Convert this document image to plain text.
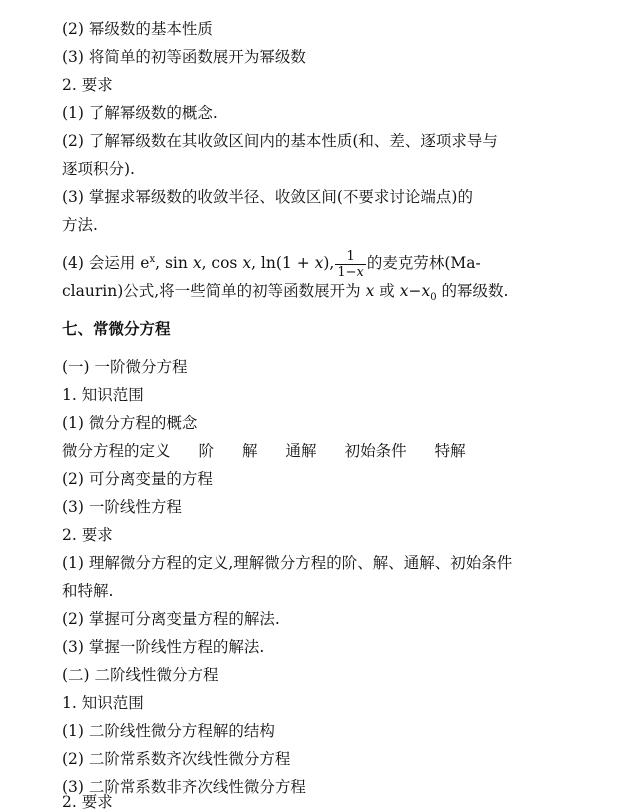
(2) 幂级数的基本性质
(3) 将简单的初等函数展开为幂级数
2. 要求
(1) 了解幂级数的概念.
(2) 了解幂级数在其收敛区间内的基本性质(和、差、逐项求导与
逐项积分).
(3) 掌握求幂级数的收敛半径、收敛区间(不要求讨论端点)的
方法.
(4) 会运用 $e^x$, sin x, cos x, ln(1 + x), $\frac{1}{1-x}$ 的麦克劳林(Ma-
claurin)公式,将一些简单的初等函数展开为 x 或 $x-x_0$ 的幂级数.
七、常微分方程
(一) 一阶微分方程
1. 知识范围
(1) 微分方程的概念
微分方程的定义 阶 解 通解 初始条件 特解
(2) 可分离变量的方程
(3) 一阶线性方程
2. 要求
(1) 理解微分方程的定义,理解微分方程的阶、解、通解、初始条件
和特解.
(2) 掌握可分离变量方程的解法.
(3) 掌握一阶线性方程的解法.
(二) 二阶线性微分方程
1. 知识范围
(1) 二阶线性微分方程解的结构
(2) 二阶常系数齐次线性微分方程
(3) 二阶常系数非齐次线性微分方程
2. 要求
